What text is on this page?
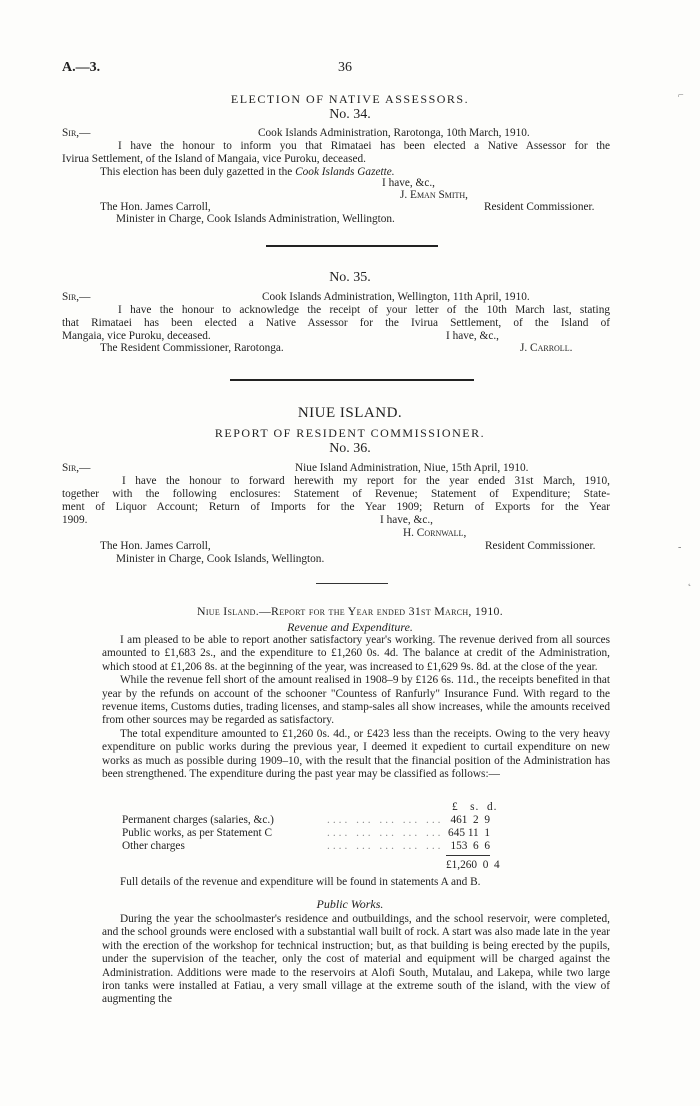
A.—3.	36
⌐
ELECTION OF NATIVE ASSESSORS.
No. 34.
Sir,—	Cook Islands Administration, Rarotonga, 10th March, 1910.
I have the honour to inform you that Rimataei has been elected a Native Assessor for the
Ivirua Settlement, of the Island of Mangaia, vice Puroku, deceased.
This election has been duly gazetted in the Cook Islands Gazette.
I have, &c.,
J. Eman Smith,
The Hon. James Carroll,	Resident Commissioner.
Minister in Charge, Cook Islands Administration, Wellington.
No. 35.
Sir,—	Cook Islands Administration, Wellington, 11th April, 1910.
I have the honour to acknowledge the receipt of your letter of the 10th March last, stating
that Rimataei has been elected a Native Assessor for the Ivirua Settlement, of the Island of
Mangaia, vice Puroku, deceased.	I have, &c.,
The Resident Commissioner, Rarotonga.	J. Carroll.
NIUE ISLAND.
REPORT OF RESIDENT COMMISSIONER.
No. 36.
Sir,—	Niue Island Administration, Niue, 15th April, 1910.
I have the honour to forward herewith my report for the year ended 31st March, 1910,
together with the following enclosures: Statement of Revenue; Statement of Expenditure; State-
ment of Liquor Account; Return of Imports for the Year 1909; Return of Exports for the Year
1909.	I have, &c.,
H. Cornwall,
The Hon. James Carroll,	Resident Commissioner.
Minister in Charge, Cook Islands, Wellington.
-
˛
Niue Island.—Report for the Year ended 31st March, 1910.
Revenue and Expenditure.

I am pleased to be able to report another satisfactory year's working. The revenue derived from all sources amounted to £1,683 2s., and the expenditure to £1,260 0s. 4d. The balance at credit of the Administration, which stood at £1,206 8s. at the beginning of the year, was increased to £1,629 9s. 8d. at the close of the year.

While the revenue fell short of the amount realised in 1908–9 by £126 6s. 11d., the receipts benefited in that year by the refunds on account of the schooner "Countess of Ranfurly" Insurance Fund. With regard to the revenue items, Customs duties, trading licenses, and stamp-sales all show increases, while the amounts received from other sources may be regarded as satisfactory.

The total expenditure amounted to £1,260 0s. 4d., or £423 less than the receipts. Owing to the very heavy expenditure on public works during the previous year, I deemed it expedient to curtail expenditure on new works as much as possible during 1909–10, with the result that the financial position of the Administration has been strengthened. The expenditure during the past year may be classified as follows:—

£   s.  d.
Permanent charges (salaries, &c.)	.... ... ... ... ... 461  2  9
Public works, as per Statement C	.... ... ... ... ... 645 11  1
Other charges	.... ... ... ... ... 153  6  6
£1,260  0  4
Full details of the revenue and expenditure will be found in statements A and B.
Public Works.

During the year the schoolmaster's residence and outbuildings, and the school reservoir, were completed, and the school grounds were enclosed with a substantial wall built of rock. A start was also made late in the year with the erection of the workshop for technical instruction; but, as that building is being erected by the pupils, under the supervision of the teacher, only the cost of material and equipment will be charged against the Administration. Additions were made to the reservoirs at Alofi South, Mutalau, and Lakepa, while two large iron tanks were installed at Fatiau, a very small village at the extreme south of the island, with the view of augmenting the
